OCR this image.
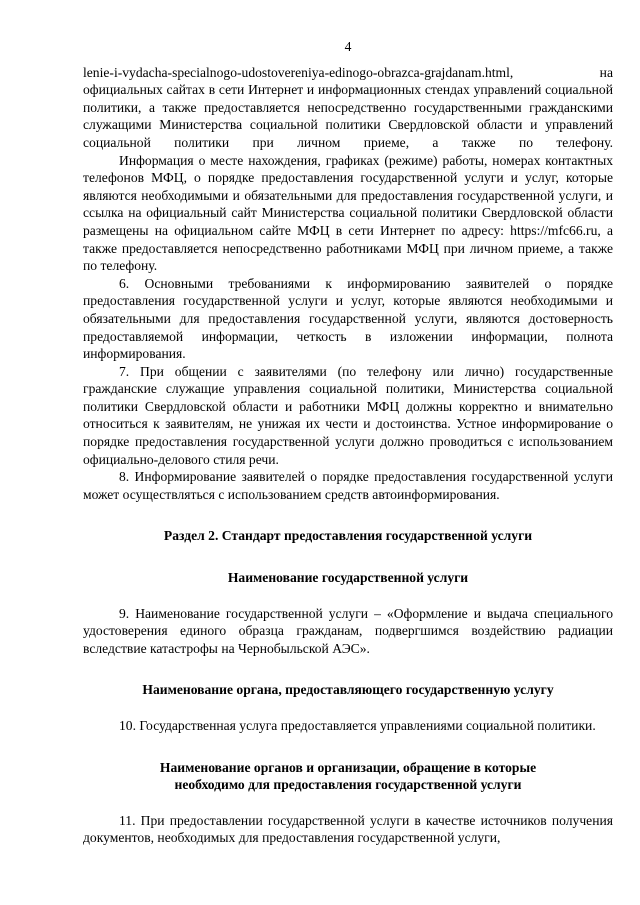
4

lenie-i-vydacha-specialnogo-udostovereniya-edinogo-obrazca-grajdanam.html, на официальных сайтах в сети Интернет и информационных стендах управлений социальной политики, а также предоставляется непосредственно государственными гражданскими служащими Министерства социальной политики Свердловской области и управлений социальной политики при личном приеме, а также по телефону.

Информация о месте нахождения, графиках (режиме) работы, номерах контактных телефонов МФЦ, о порядке предоставления государственной услуги и услуг, которые являются необходимыми и обязательными для предоставления государственной услуги, и ссылка на официальный сайт Министерства социальной политики Свердловской области размещены на официальном сайте МФЦ в сети Интернет по адресу: https://mfc66.ru, а также предоставляется непосредственно работниками МФЦ при личном приеме, а также по телефону.

6. Основными требованиями к информированию заявителей о порядке предоставления государственной услуги и услуг, которые являются необходимыми и обязательными для предоставления государственной услуги, являются достоверность предоставляемой информации, четкость в изложении информации, полнота информирования.

7. При общении с заявителями (по телефону или лично) государственные гражданские служащие управления социальной политики, Министерства социальной политики Свердловской области и работники МФЦ должны корректно и внимательно относиться к заявителям, не унижая их чести и достоинства. Устное информирование о порядке предоставления государственной услуги должно проводиться с использованием официально-делового стиля речи.

8. Информирование заявителей о порядке предоставления государственной услуги может осуществляться с использованием средств автоинформирования.

Раздел 2. Стандарт предоставления государственной услуги
Наименование государственной услуги

9. Наименование государственной услуги – «Оформление и выдача специального удостоверения единого образца гражданам, подвергшимся воздействию радиации вследствие катастрофы на Чернобыльской АЭС».

Наименование органа, предоставляющего государственную услугу

10. Государственная услуга предоставляется управлениями социальной политики.

Наименование органов и организации, обращение в которые
необходимо для предоставления государственной услуги

11. При предоставлении государственной услуги в качестве источников получения документов, необходимых для предоставления государственной услуги,
